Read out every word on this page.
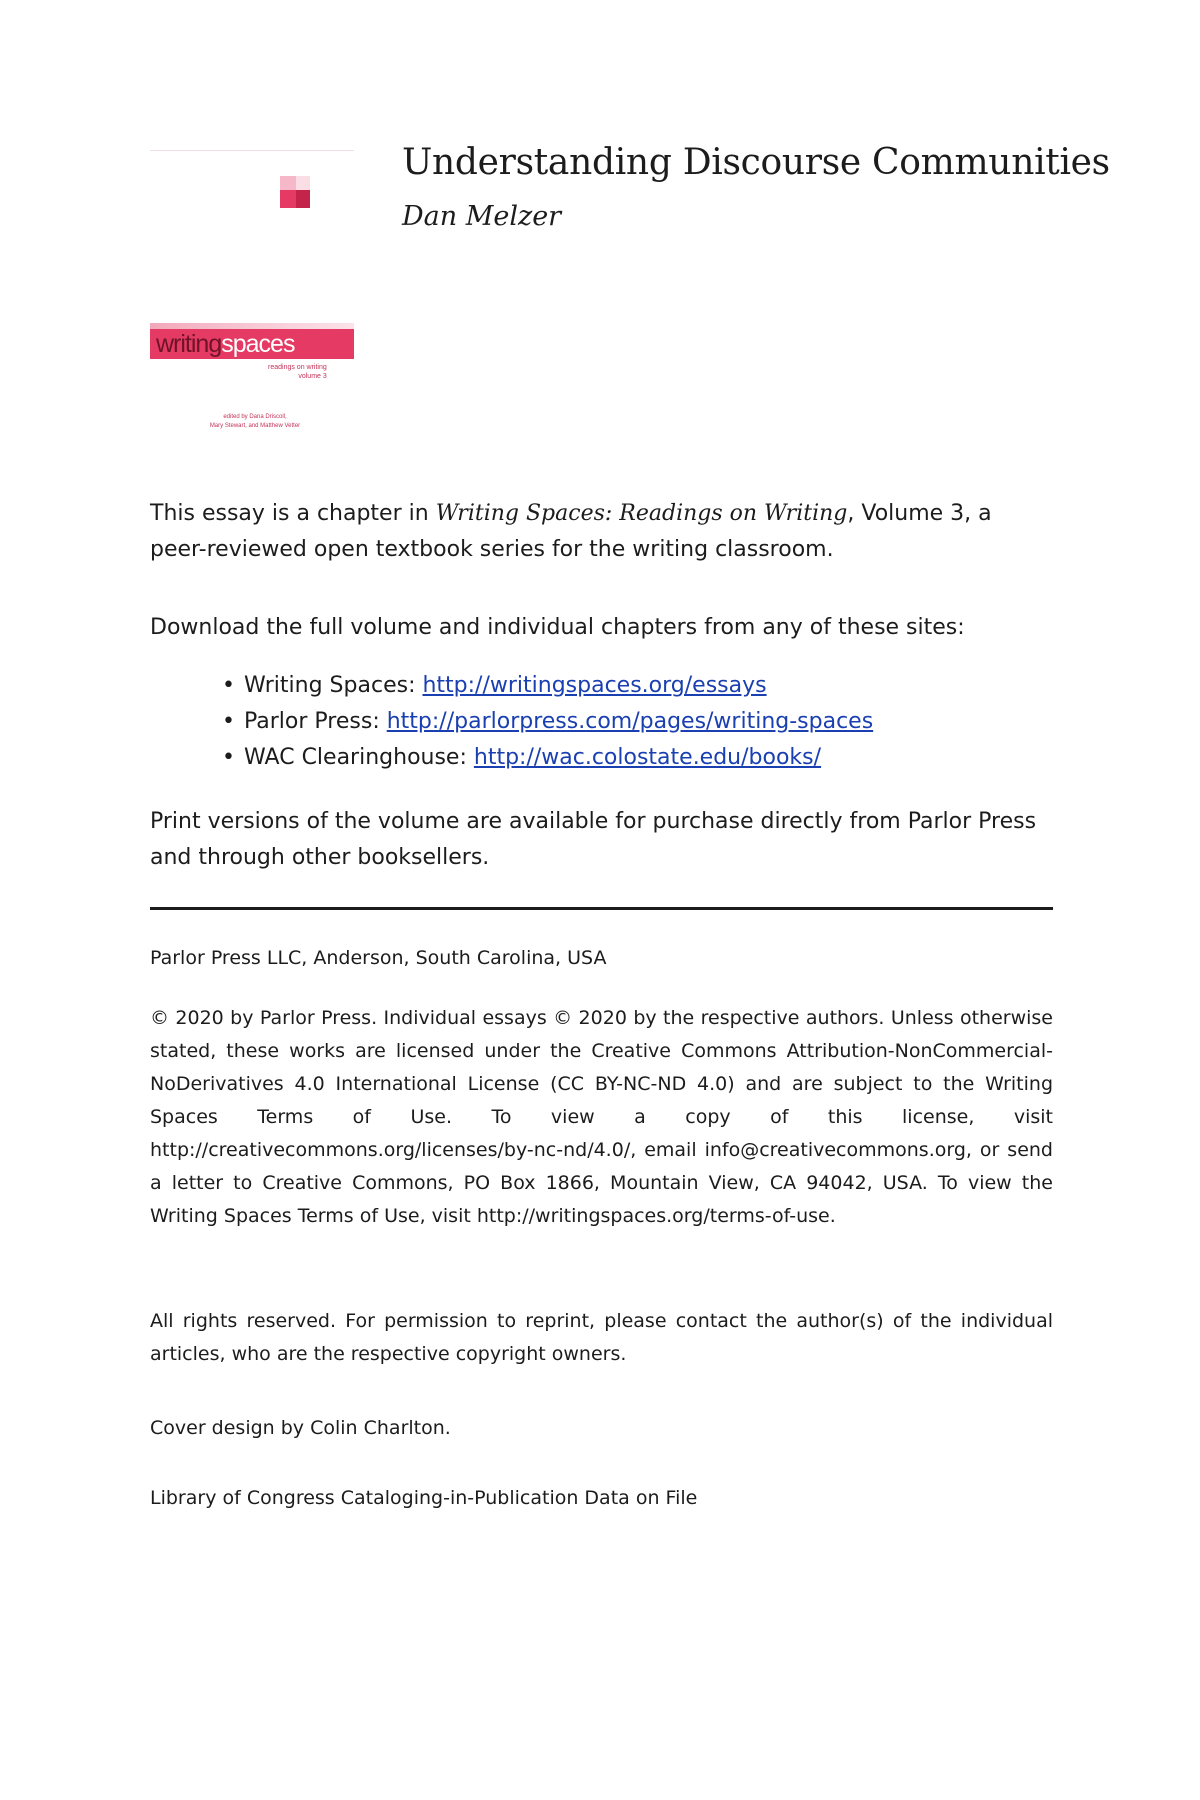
writingspaces
readings on writing
volume 3
edited by Dana Driscoll,
Mary Stewart, and Matthew Vetter
Understanding Discourse Communities
Dan Melzer
This essay is a chapter in Writing Spaces: Readings on Writing, Volume 3, a peer-reviewed open textbook series for the writing classroom.
Download the full volume and individual chapters from any of these sites:
• Writing Spaces: http://writingspaces.org/essays
• Parlor Press: http://parlorpress.com/pages/writing-spaces
• WAC Clearinghouse: http://wac.colostate.edu/books/
Print versions of the volume are available for purchase directly from Parlor Press and through other booksellers.
Parlor Press LLC, Anderson, South Carolina, USA
© 2020 by Parlor Press. Individual essays © 2020 by the respective authors. Unless otherwise stated, these works are licensed under the Creative Commons Attribution-NonCommercial-NoDerivatives 4.0 International License (CC BY-NC-ND 4.0) and are subject to the Writing Spaces Terms of Use. To view a copy of this license, visit http://creativecommons.org/licenses/by-nc-nd/4.0/, email info@creativecommons.org, or send a letter to Creative Commons, PO Box 1866, Mountain View, CA 94042, USA. To view the Writing Spaces Terms of Use, visit http://writingspaces.org/terms-of-use.
All rights reserved. For permission to reprint, please contact the author(s) of the individual articles, who are the respective copyright owners.
Cover design by Colin Charlton.
Library of Congress Cataloging-in-Publication Data on File
